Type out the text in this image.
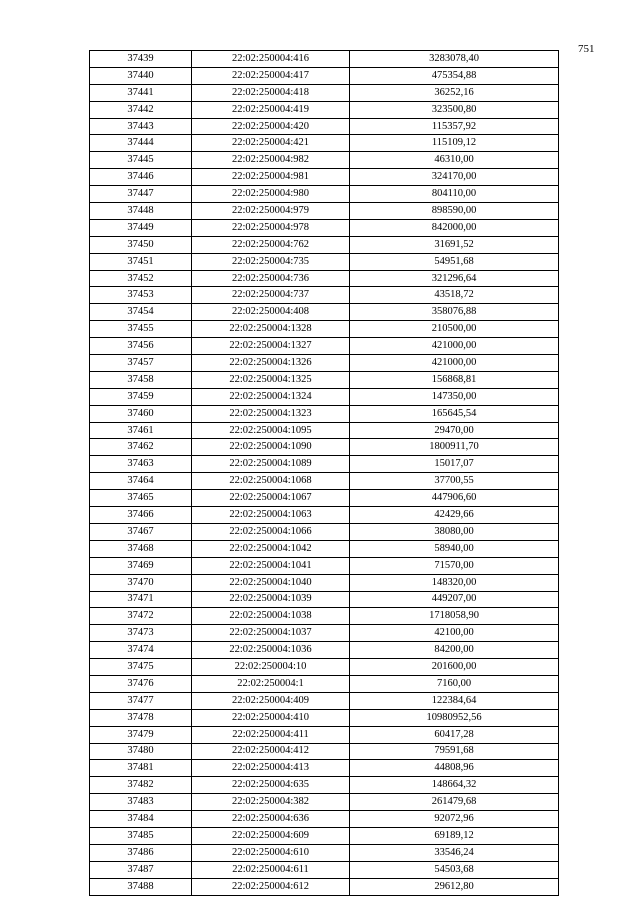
751
37439	22:02:250004:416	3283078,40
37440	22:02:250004:417	475354,88
37441	22:02:250004:418	36252,16
37442	22:02:250004:419	323500,80
37443	22:02:250004:420	115357,92
37444	22:02:250004:421	115109,12
37445	22:02:250004:982	46310,00
37446	22:02:250004:981	324170,00
37447	22:02:250004:980	804110,00
37448	22:02:250004:979	898590,00
37449	22:02:250004:978	842000,00
37450	22:02:250004:762	31691,52
37451	22:02:250004:735	54951,68
37452	22:02:250004:736	321296,64
37453	22:02:250004:737	43518,72
37454	22:02:250004:408	358076,88
37455	22:02:250004:1328	210500,00
37456	22:02:250004:1327	421000,00
37457	22:02:250004:1326	421000,00
37458	22:02:250004:1325	156868,81
37459	22:02:250004:1324	147350,00
37460	22:02:250004:1323	165645,54
37461	22:02:250004:1095	29470,00
37462	22:02:250004:1090	1800911,70
37463	22:02:250004:1089	15017,07
37464	22:02:250004:1068	37700,55
37465	22:02:250004:1067	447906,60
37466	22:02:250004:1063	42429,66
37467	22:02:250004:1066	38080,00
37468	22:02:250004:1042	58940,00
37469	22:02:250004:1041	71570,00
37470	22:02:250004:1040	148320,00
37471	22:02:250004:1039	449207,00
37472	22:02:250004:1038	1718058,90
37473	22:02:250004:1037	42100,00
37474	22:02:250004:1036	84200,00
37475	22:02:250004:10	201600,00
37476	22:02:250004:1	7160,00
37477	22:02:250004:409	122384,64
37478	22:02:250004:410	10980952,56
37479	22:02:250004:411	60417,28
37480	22:02:250004:412	79591,68
37481	22:02:250004:413	44808,96
37482	22:02:250004:635	148664,32
37483	22:02:250004:382	261479,68
37484	22:02:250004:636	92072,96
37485	22:02:250004:609	69189,12
37486	22:02:250004:610	33546,24
37487	22:02:250004:611	54503,68
37488	22:02:250004:612	29612,80
